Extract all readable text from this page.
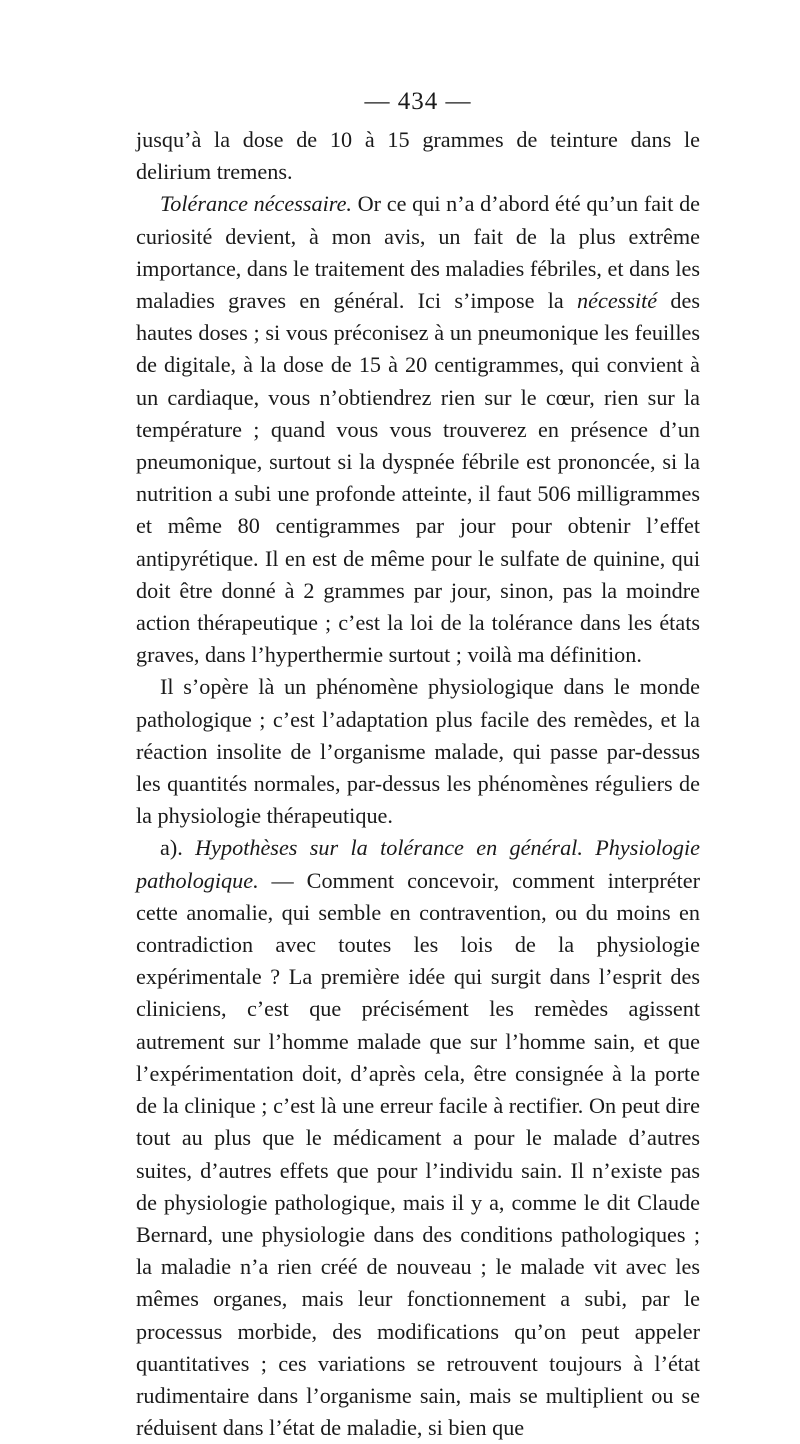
— 434 —

jusqu’à la dose de 10 à 15 grammes de teinture dans le delirium tremens.

Tolérance nécessaire. Or ce qui n’a d’abord été qu’un fait de curiosité devient, à mon avis, un fait de la plus extrême importance, dans le traitement des maladies fébriles, et dans les maladies graves en général. Ici s’impose la nécessité des hautes doses ; si vous préconisez à un pneumonique les feuilles de digitale, à la dose de 15 à 20 centigrammes, qui convient à un cardiaque, vous n’obtiendrez rien sur le cœur, rien sur la température ; quand vous vous trouverez en présence d’un pneumonique, surtout si la dyspnée fébrile est prononcée, si la nutrition a subi une profonde atteinte, il faut 506 milligrammes et même 80 centigrammes par jour pour obtenir l’effet antipyrétique. Il en est de même pour le sulfate de quinine, qui doit être donné à 2 grammes par jour, sinon, pas la moindre action thérapeutique ; c’est la loi de la tolérance dans les états graves, dans l’hyperthermie surtout ; voilà ma définition.

Il s’opère là un phénomène physiologique dans le monde pathologique ; c’est l’adaptation plus facile des remèdes, et la réaction insolite de l’organisme malade, qui passe par-dessus les quantités normales, par-dessus les phénomènes réguliers de la physiologie thérapeutique.

a). Hypothèses sur la tolérance en général. Physiologie pathologique. — Comment concevoir, comment interpréter cette anomalie, qui semble en contravention, ou du moins en contradiction avec toutes les lois de la physiologie expérimentale ? La première idée qui surgit dans l’esprit des cliniciens, c’est que précisément les remèdes agissent autrement sur l’homme malade que sur l’homme sain, et que l’expérimentation doit, d’après cela, être consignée à la porte de la clinique ; c’est là une erreur facile à rectifier. On peut dire tout au plus que le médicament a pour le malade d’autres suites, d’autres effets que pour l’individu sain. Il n’existe pas de physiologie pathologique, mais il y a, comme le dit Claude Bernard, une physiologie dans des conditions pathologiques ; la maladie n’a rien créé de nouveau ; le malade vit avec les mêmes organes, mais leur fonctionnement a subi, par le processus morbide, des modifications qu’on peut appeler quantitatives ; ces variations se retrouvent toujours à l’état rudimentaire dans l’organisme sain, mais se multiplient ou se réduisent dans l’état de maladie, si bien que
